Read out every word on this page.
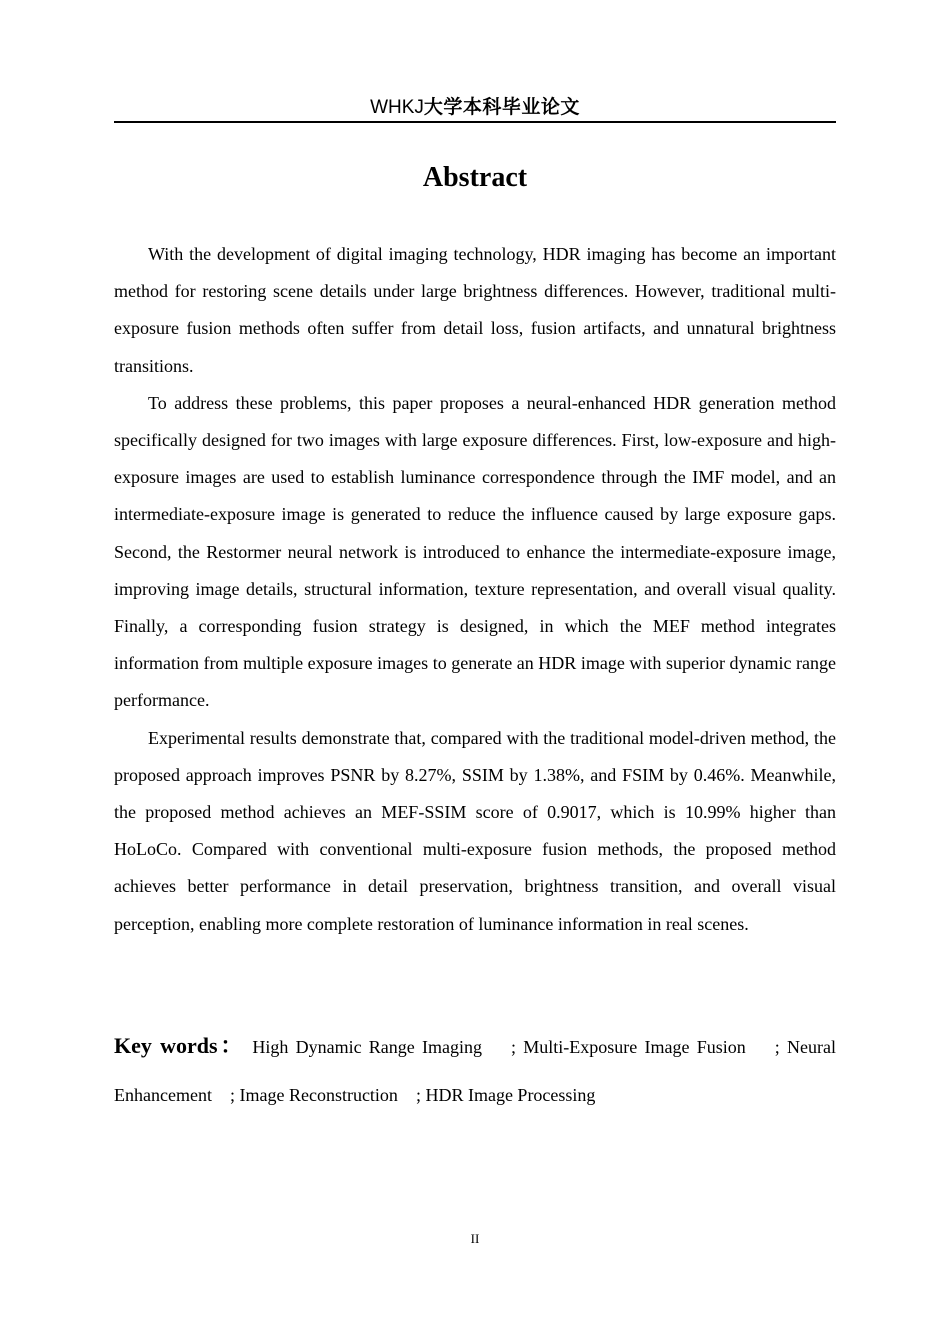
WHKJ大学本科毕业论文
Abstract

With the development of digital imaging technology, HDR imaging has become an important method for restoring scene details under large brightness differences. However, traditional multi-exposure fusion methods often suffer from detail loss, fusion artifacts, and unnatural brightness transitions.

To address these problems, this paper proposes a neural-enhanced HDR generation method specifically designed for two images with large exposure differences. First, low-exposure and high-exposure images are used to establish luminance correspondence through the IMF model, and an intermediate-exposure image is generated to reduce the influence caused by large exposure gaps. Second, the Restormer neural network is introduced to enhance the intermediate-exposure image, improving image details, structural information, texture representation, and overall visual quality. Finally, a corresponding fusion strategy is designed, in which the MEF method integrates information from multiple exposure images to generate an HDR image with superior dynamic range performance.

Experimental results demonstrate that, compared with the traditional model-driven method, the proposed approach improves PSNR by 8.27%, SSIM by 1.38%, and FSIM by 0.46%. Meanwhile, the proposed method achieves an MEF-SSIM score of 0.9017, which is 10.99% higher than HoLoCo. Compared with conventional multi-exposure fusion methods, the proposed method achieves better performance in detail preservation, brightness transition, and overall visual perception, enabling more complete restoration of luminance information in real scenes.

Key words： High Dynamic Range Imaging    ; Multi-Exposure Image Fusion    ; Neural Enhancement    ; Image Reconstruction    ; HDR Image Processing
II
